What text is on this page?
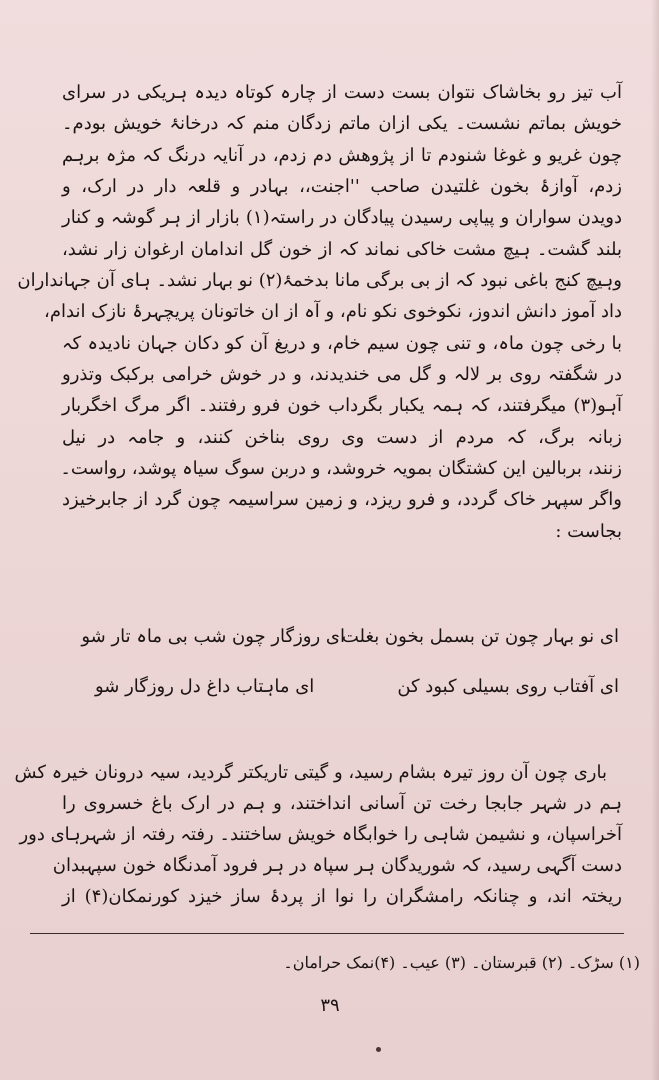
آب تیز رو بخاشاک نتوان بست دست از چارہ کوتاہ دیدہ ہریکی در سرای
خویش بماتم نشست۔ یکی ازان ماتم زدگان منم کہ درخانۂ خویش بودم۔
چون غریو و غوغا شنودم تا از پژوهش دم زدم، در آنایہ درنگ کہ مژہ برہم
زدم، آوازۂ بخون غلتیدن صاحب ''اجنت،، بہادر و قلعہ دار در ارک، و
دویدن سواران و پیاپی رسیدن پیادگان در راستہ(۱) بازار از ہر گوشہ و کنار
بلند گشت۔ ہیچ مشت خاکی نماند کہ از خون گل اندامان ارغوان زار نشد،
وہیچ کنج باغی نبود کہ از بی برگی مانا بدخمۂ(۲) نو بہار نشد۔ ہای آن جہانداران
داد آموز دانش اندوز، نکوخوی نکو نام، و آہ از ان خاتونان پریچہرۂ نازک اندام،
با رخی چون ماہ، و تنی چون سیم خام، و دریغ آن کو دکان جہان نادیدہ کہ
در شگفتہ روی بر لالہ و گل می خندیدند، و در خوش خرامی برکبک وتذرو
آہو(۳) میگرفتند، کہ ہمہ یکبار بگرداب خون فرو رفتند۔ اگر مرگ اخگربار
زبانہ برگ، کہ مردم از دست وی روی بناخن کنند، و جامہ در نیل
زنند، بربالین این کشتگان بمویہ خروشد، و دربن سوگ سیاہ پوشد، رواست۔
واگر سپہر خاک گردد، و فرو ریزد، و زمین سراسیمہ چون گرد از جابرخیزد
بجاست :
ای نو بہار چون تن بسمل بخون بغلت
ای روزگار چون شب بی ماہ تار شو
ای آفتاب روی بسیلی کبود کن
ای ماہتاب داغ دل روزگار شو
باری چون آن روز تیرہ بشام رسید، و گیتی تاریکتر گردید، سیہ درونان خیرہ کش
ہم در شہر جابجا رخت تن آسانی انداختند، و ہم در ارک باغ خسروی را
آخراسپان، و نشیمن شاہی را خوابگاہ خویش ساختند۔ رفتہ رفتہ از شہرہای دور
دست آگہی رسید، کہ شوریدگان ہر سپاہ در ہر فرود آمدنگاہ خون سپہبدان
ریختہ اند، و چنانکہ رامشگران را نوا از پردۂ ساز خیزد کورنمکان(۴) از
(۱) سڑک۔ (۲) قبرستان۔ (۳) عیب۔ (۴)نمک حرامان۔
۳۹
